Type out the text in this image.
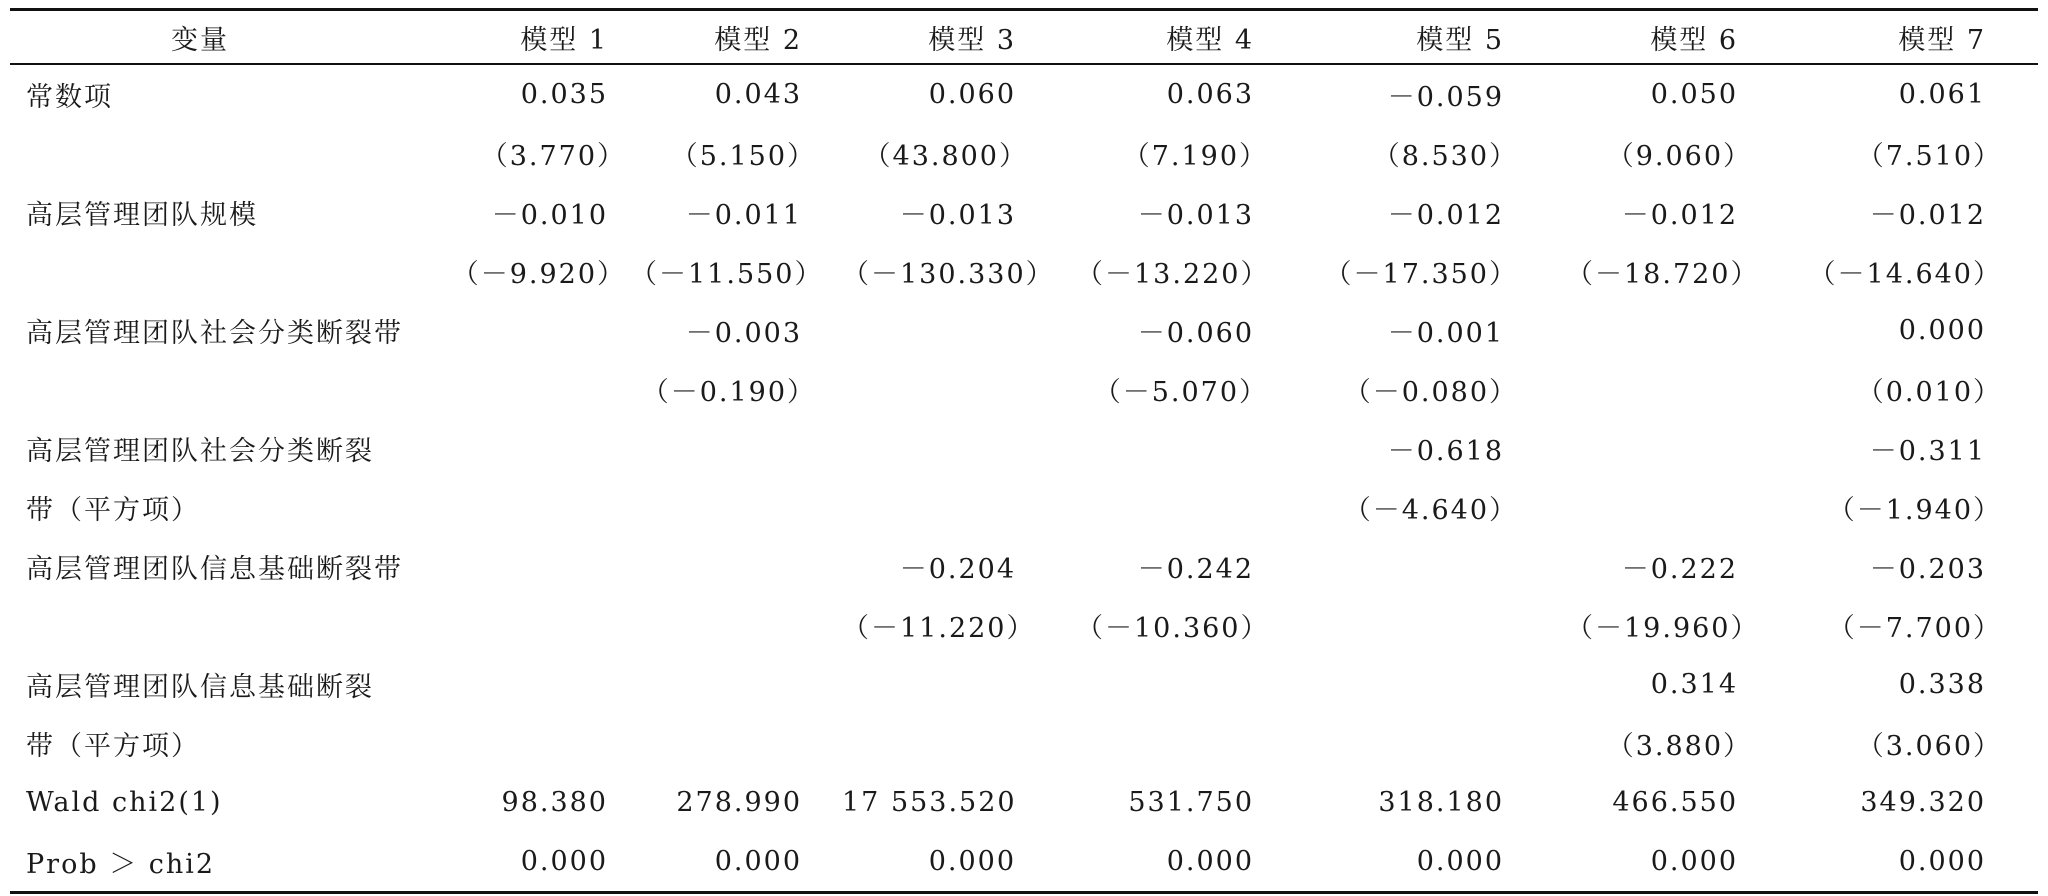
变量	模型 1	模型 2	模型 3	模型 4	模型 5	模型 6	模型 7
常数项	0.035	0.043	0.060	0.063	－0.059	0.050	0.061
	（3.770）	（5.150）	（43.800）	（7.190）	（8.530）	（9.060）	（7.510）
高层管理团队规模	－0.010	－0.011	－0.013	－0.013	－0.012	－0.012	－0.012
	（－9.920）	（－11.550）	（－130.330）	（－13.220）	（－17.350）	（－18.720）	（－14.640）
高层管理团队社会分类断裂带		－0.003		－0.060	－0.001		0.000
		（－0.190）		（－5.070）	（－0.080）		（0.010）
高层管理团队社会分类断裂					－0.618		－0.311
带（平方项）					（－4.640）		（－1.940）
高层管理团队信息基础断裂带			－0.204	－0.242		－0.222	－0.203
			（－11.220）	（－10.360）		（－19.960）	（－7.700）
高层管理团队信息基础断裂						0.314	0.338
带（平方项）						（3.880）	（3.060）
Wald chi2(1)	98.380	278.990	17 553.520	531.750	318.180	466.550	349.320
Prob ＞ chi2	0.000	0.000	0.000	0.000	0.000	0.000	0.000
